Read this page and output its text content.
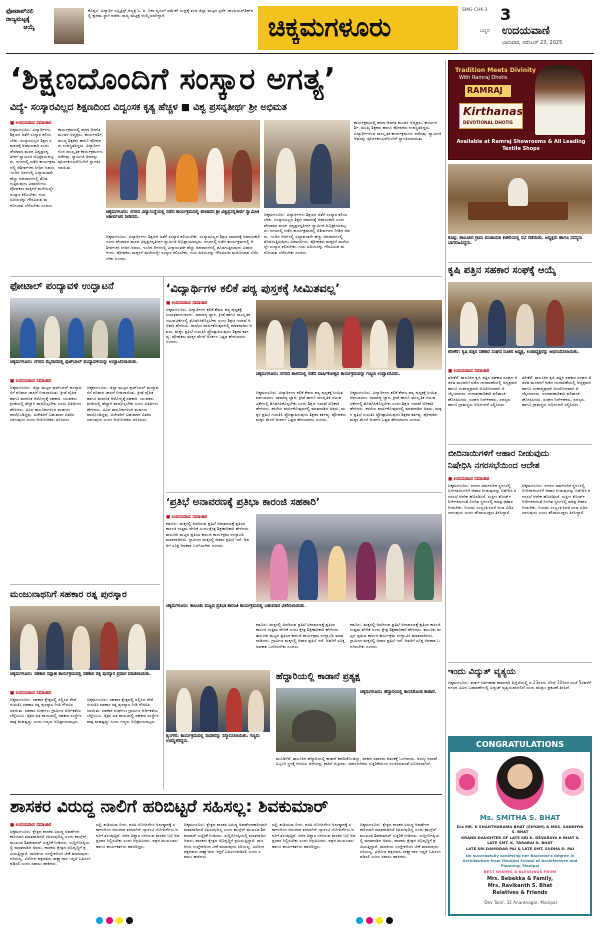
ಫೋಟಾಪ್‌ನಲಿ
ರಾಜ್ಯಮಟ್ಟಕ್ಕೆ
ಆಯ್ಕೆ
ಕೊಪ್ಪಳ: ವಿದ್ಯಾರ್ಥಿ ಎಸ್ಪಿಟ್ರಿಸ್ಟ್ ಅಧ್ಯಕ್ಷ ಓ. ಪಿ. ನಿಶಾ ದೃವಿಲ್ ರಮೇಶ್ ಸಂದ್ರಕ್ಕೆ ತಂಡ ಜಿಲ್ಲಾ ಮಟ್ಟದ ಸ್ಪರ್ಧೆ ಚಾಂಪಿಯನ್‌ಶಿಪ್‌ನಲ್ಲಿ ಪ್ರಥಮ ಸ್ಥಾನ ಪಡೆದು ರಾಜ್ಯ ಮಟ್ಟಕ್ಕೆ ಆಯ್ಕೆಯಾಗಿದ್ದಾರೆ.	ಚಿಕ್ಕಮಗಳೂರು
SMG-CHK-3 3
ಬಣ್ಣದ ಉದಯವಾಣಿ
ಭಾನುವಾರ, ನವೆಂಬರ್ 23, 2025
‘ಶಿಕ್ಷಣದೊಂದಿಗೆ ಸಂಸ್ಕಾರ ಅಗತ್ಯ’
ವಿದ್ಯೆ- ಸಂಸ್ಕಾರವಿಲ್ಲದ ಶಿಕ್ಷಣದಿಂದ ವಿದ್ವಂಸಕ ಕೃತ್ಯ ಹೆಚ್ಚಳ ■ ವಿಶ್ವ ಪ್ರಸನ್ನತೀರ್ಥ ಶ್ರೀ ಅಭಿಮತ
Tradition Meets Divinity
With Ramraj Dhotis
RAMRAJ
Kirthanas
DEVOTIONAL DHOTIS
Available at Ramraj Showrooms & All Leading Textile Shops
■ ಉದಯವಾಣಿ ಸಮಾಚಾರ
ಚಿಕ್ಕಮಗಳೂರು: ವಿದ್ಯಾರ್ಥಿಗಳು ಶಿಕ್ಷಣದ ಜತೆಗೆ ಸಂಸ್ಕಾರ ಕಲಿಯಬೇಕು. ಸಂಸ್ಕಾರವಿಲ್ಲದ ಶಿಕ್ಷಣ ಸಮಾಜಕ್ಕೆ ಅಪಾಯಕಾರಿ ಎಂದು ಪೇಜಾವರ ಮಠದ ವಿಶ್ವಪ್ರಸನ್ನತೀರ್ಥ ಸ್ವಾಮೀಜಿ ಅಭಿಪ್ರಾಯಪಟ್ಟರು. ನಗರದಲ್ಲಿ ನಡೆದ ಕಾರ್ಯಕ್ರಮದಲ್ಲಿ ಆಶೀರ್ವಚನ ನೀಡಿದ ಅವರು, ಇಂದಿನ ದಿನಗಳಲ್ಲಿ ವಿದ್ಯಾವಂತರೇ ಹೆಚ್ಚು ಅಪರಾಧಗಳಲ್ಲಿ ತೊಡಗುತ್ತಿರುವುದು ವಿಷಾದನೀಯ. ಪೋಷಕರು ಮಕ್ಕಳಿಗೆ ಮನೆಯಲ್ಲೇ ಸಂಸ್ಕಾರ ಕಲಿಸಬೇಕು. ಗುರು ಹಿರಿಯರನ್ನು ಗೌರವಿಸುವ ಮನೋಭಾವ ಬೆಳೆಸಬೇಕು ಎಂದರು.
ಕಾರ್ಯಕ್ರಮದಲ್ಲಿ ಶಾಲಾ ಆಡಳಿತ ಮಂಡಳಿ ಅಧ್ಯಕ್ಷರು, ಕಾರ್ಯದರ್ಶಿ, ಮುಖ್ಯ ಶಿಕ್ಷಕರು ಹಾಗೂ ಪೋಷಕರು ಉಪಸ್ಥಿತರಿದ್ದರು. ವಿದ್ಯಾರ್ಥಿಗಳಿಂದ ಸಾಂಸ್ಕೃತಿಕ ಕಾರ್ಯಕ್ರಮಗಳು ನಡೆದವು. ಸ್ವಾಮೀಜಿ ಅವರನ್ನು ಪೂರ್ಣಕುಂಭದೊಂದಿಗೆ ಸ್ವಾಗತಿಸಲಾಯಿತು.
ಚಿಕ್ಕಮಗಳೂರು: ನಗರದ ವಿದ್ಯಾಸಂಸ್ಥೆಯಲ್ಲಿ ನಡೆದ ಕಾರ್ಯಕ್ರಮದಲ್ಲಿ ಪೇಜಾವರ ಶ್ರೀ ವಿಶ್ವಪ್ರಸನ್ನತೀರ್ಥ ಸ್ವಾಮೀಜಿ ಆಶೀರ್ವಚನ ನೀಡಿದರು.
ಚಿಕ್ಕಮಗಳೂರು: ವಿದ್ಯಾರ್ಥಿಗಳು ಶಿಕ್ಷಣದ ಜತೆಗೆ ಸಂಸ್ಕಾರ ಕಲಿಯಬೇಕು. ಸಂಸ್ಕಾರವಿಲ್ಲದ ಶಿಕ್ಷಣ ಸಮಾಜಕ್ಕೆ ಅಪಾಯಕಾರಿ ಎಂದು ಪೇಜಾವರ ಮಠದ ವಿಶ್ವಪ್ರಸನ್ನತೀರ್ಥ ಸ್ವಾಮೀಜಿ ಅಭಿಪ್ರಾಯಪಟ್ಟರು. ನಗರದಲ್ಲಿ ನಡೆದ ಕಾರ್ಯಕ್ರಮದಲ್ಲಿ ಆಶೀರ್ವಚನ ನೀಡಿದ ಅವರು, ಇಂದಿನ ದಿನಗಳಲ್ಲಿ ವಿದ್ಯಾವಂತರೇ ಹೆಚ್ಚು ಅಪರಾಧಗಳಲ್ಲಿ ತೊಡಗುತ್ತಿರುವುದು ವಿಷಾದನೀಯ. ಪೋಷಕರು ಮಕ್ಕಳಿಗೆ ಮನೆಯಲ್ಲೇ ಸಂಸ್ಕಾರ ಕಲಿಸಬೇಕು. ಗುರು ಹಿರಿಯರನ್ನು ಗೌರವಿಸುವ ಮನೋಭಾವ ಬೆಳೆಸಬೇಕು ಎಂದರು.
ಕಾರ್ಯಕ್ರಮದಲ್ಲಿ ಶಾಲಾ ಆಡಳಿತ ಮಂಡಳಿ ಅಧ್ಯಕ್ಷರು, ಕಾರ್ಯದರ್ಶಿ, ಮುಖ್ಯ ಶಿಕ್ಷಕರು ಹಾಗೂ ಪೋಷಕರು ಉಪಸ್ಥಿತರಿದ್ದರು. ವಿದ್ಯಾರ್ಥಿಗಳಿಂದ ಸಾಂಸ್ಕೃತಿಕ ಕಾರ್ಯಕ್ರಮಗಳು ನಡೆದವು. ಸ್ವಾಮೀಜಿ ಅವರನ್ನು ಪೂರ್ಣಕುಂಭದೊಂದಿಗೆ ಸ್ವಾಗತಿಸಲಾಯಿತು.
ಚಿಕ್ಕಮಗಳೂರು: ವಿದ್ಯಾರ್ಥಿಗಳು ಶಿಕ್ಷಣದ ಜತೆಗೆ ಸಂಸ್ಕಾರ ಕಲಿಯಬೇಕು. ಸಂಸ್ಕಾರವಿಲ್ಲದ ಶಿಕ್ಷಣ ಸಮಾಜಕ್ಕೆ ಅಪಾಯಕಾರಿ ಎಂದು ಪೇಜಾವರ ಮಠದ ವಿಶ್ವಪ್ರಸನ್ನತೀರ್ಥ ಸ್ವಾಮೀಜಿ ಅಭಿಪ್ರಾಯಪಟ್ಟರು. ನಗರದಲ್ಲಿ ನಡೆದ ಕಾರ್ಯಕ್ರಮದಲ್ಲಿ ಆಶೀರ್ವಚನ ನೀಡಿದ ಅವರು, ಇಂದಿನ ದಿನಗಳಲ್ಲಿ ವಿದ್ಯಾವಂತರೇ ಹೆಚ್ಚು ಅಪರಾಧಗಳಲ್ಲಿ ತೊಡಗುತ್ತಿರುವುದು ವಿಷಾದನೀಯ. ಪೋಷಕರು ಮಕ್ಕಳಿಗೆ ಮನೆಯಲ್ಲೇ ಸಂಸ್ಕಾರ ಕಲಿಸಬೇಕು. ಗುರು ಹಿರಿಯರನ್ನು ಗೌರವಿಸುವ ಮನೋಭಾವ ಬೆಳೆಸಬೇಕು ಎಂದರು.
ಕೊಪ್ಪ: ತಾಲೂಕಿನ ಗ್ರಾಮ ಪಂಚಾಯಿತಿ ಕಚೇರಿಯಲ್ಲಿ ಸಭೆ ನಡೆಯಿತು. ಅಧ್ಯಕ್ಷರು ಹಾಗೂ ಸದಸ್ಯರು ಭಾಗವಹಿಸಿದ್ದರು.
ಕೃಷಿ ಪತ್ತಿನ ಸಹಕಾರ ಸಂಘಕ್ಕೆ ಆಯ್ಕೆ
ತರೀಕೆರೆ: ಕೃಷಿ ಪತ್ತಿನ ಸಹಕಾರ ಸಂಘದ ನೂತನ ಅಧ್ಯಕ್ಷ, ಉಪಾಧ್ಯಕ್ಷರನ್ನು ಅಭಿನಂದಿಸಲಾಯಿತು.
■ ಉದಯವಾಣಿ ಸಮಾಚಾರ
ತರೀಕೆರೆ: ತಾಲೂಕಿನ ಕೃಷಿ ಪತ್ತಿನ ಸಹಕಾರ ಸಂಘದ ಆಡಳಿತ ಮಂಡಳಿಗೆ ನಡೆದ ಚುನಾವಣೆಯಲ್ಲಿ ಅಧ್ಯಕ್ಷರಾಗಿ ಹಾಗೂ ಉಪಾಧ್ಯಕ್ಷರಾಗಿ ಅವಿರೋಧವಾಗಿ ಆಯ್ಕೆಯಾದರು. ಚುನಾವಣಾಧಿಕಾರಿ ಫಲಿತಾಂಶ ಘೋಷಿಸಿದರು. ಸಂಘದ ನಿರ್ದೇಶಕರು, ಸದಸ್ಯರು ಹಾಗೂ ಗ್ರಾಮಸ್ಥರು ಅಭಿನಂದನೆ ಸಲ್ಲಿಸಿದರು.
ತರೀಕೆರೆ: ತಾಲೂಕಿನ ಕೃಷಿ ಪತ್ತಿನ ಸಹಕಾರ ಸಂಘದ ಆಡಳಿತ ಮಂಡಳಿಗೆ ನಡೆದ ಚುನಾವಣೆಯಲ್ಲಿ ಅಧ್ಯಕ್ಷರಾಗಿ ಹಾಗೂ ಉಪಾಧ್ಯಕ್ಷರಾಗಿ ಅವಿರೋಧವಾಗಿ ಆಯ್ಕೆಯಾದರು. ಚುನಾವಣಾಧಿಕಾರಿ ಫಲಿತಾಂಶ ಘೋಷಿಸಿದರು. ಸಂಘದ ನಿರ್ದೇಶಕರು, ಸದಸ್ಯರು ಹಾಗೂ ಗ್ರಾಮಸ್ಥರು ಅಭಿನಂದನೆ ಸಲ್ಲಿಸಿದರು.
ಫೋಟಾಲ್ ಪಂದ್ಯಾವಳಿ ಉದ್ಘಾಟನೆ
ಚಿಕ್ಕಮಗಳೂರು: ನಗರದ ಮೈದಾನದಲ್ಲಿ ಫುಟ್‌ಬಾಲ್ ಪಂದ್ಯಾವಳಿಯನ್ನು ಉದ್ಘಾಟಿಸಲಾಯಿತು.
■ ಉದಯವಾಣಿ ಸಮಾಚಾರ
ಚಿಕ್ಕಮಗಳೂರು: ಜಿಲ್ಲಾ ಮಟ್ಟದ ಫುಟ್‌ಬಾಲ್ ಪಂದ್ಯಾವಳಿಗೆ ಶನಿವಾರ ಚಾಲನೆ ನೀಡಲಾಯಿತು. ಕ್ರೀಡೆ ದೈಹಿಕ ಹಾಗೂ ಮಾನಸಿಕ ಆರೋಗ್ಯಕ್ಕೆ ಸಹಕಾರಿ. ಯುವಕರು ಕ್ರೀಡೆಯಲ್ಲಿ ಹೆಚ್ಚಾಗಿ ಪಾಲ್ಗೊಳ್ಳಬೇಕು ಎಂದು ಅತಿಥಿಗಳು ಹೇಳಿದರು. ವಿವಿಧ ತಾಲೂಕುಗಳಿಂದ ತಂಡಗಳು ಪಾಲ್ಗೊಂಡಿದ್ದವು. ವಿಜೇತರಿಗೆ ಬಹುಮಾನ ವಿತರಿಸಲಾಗುವುದು ಎಂದು ಆಯೋಜಕರು ತಿಳಿಸಿದರು.
ಚಿಕ್ಕಮಗಳೂರು: ಜಿಲ್ಲಾ ಮಟ್ಟದ ಫುಟ್‌ಬಾಲ್ ಪಂದ್ಯಾವಳಿಗೆ ಶನಿವಾರ ಚಾಲನೆ ನೀಡಲಾಯಿತು. ಕ್ರೀಡೆ ದೈಹಿಕ ಹಾಗೂ ಮಾನಸಿಕ ಆರೋಗ್ಯಕ್ಕೆ ಸಹಕಾರಿ. ಯುವಕರು ಕ್ರೀಡೆಯಲ್ಲಿ ಹೆಚ್ಚಾಗಿ ಪಾಲ್ಗೊಳ್ಳಬೇಕು ಎಂದು ಅತಿಥಿಗಳು ಹೇಳಿದರು. ವಿವಿಧ ತಾಲೂಕುಗಳಿಂದ ತಂಡಗಳು ಪಾಲ್ಗೊಂಡಿದ್ದವು. ವಿಜೇತರಿಗೆ ಬಹುಮಾನ ವಿತರಿಸಲಾಗುವುದು ಎಂದು ಆಯೋಜಕರು ತಿಳಿಸಿದರು.
‘ವಿದ್ಯಾರ್ಥಿಗಳ ಕಲಿಕೆ ಪಠ್ಯ ಪುಸ್ತಕಕ್ಕೆ ಸೀಮಿತವಲ್ಲ’
■ ಉದಯವಾಣಿ ಸಮಾಚಾರ
ಚಿಕ್ಕಮಗಳೂರು: ವಿದ್ಯಾರ್ಥಿಗಳ ಕಲಿಕೆ ಕೇವಲ ಪಠ್ಯ ಪುಸ್ತಕಕ್ಕೆ ಸೀಮಿತವಾಗಬಾರದು. ಸಾಮಾನ್ಯ ಜ್ಞಾನ, ಕ್ರೀಡೆ ಹಾಗೂ ಸಾಂಸ್ಕೃತಿಕ ಚಟುವಟಿಕೆಗಳಲ್ಲಿ ತೊಡಗಿಸಿಕೊಳ್ಳಬೇಕು ಎಂದು ಶಿಕ್ಷಣ ಇಲಾಖೆ ಅಧಿಕಾರಿ ಹೇಳಿದರು. ಶಾಲೆಯ ವಾರ್ಷಿಕೋತ್ಸವದಲ್ಲಿ ಮಾತನಾಡಿದ ಅವರು, ಮಕ್ಕಳ ಪ್ರತಿಭೆ ಗುರುತಿಸಿ ಪ್ರೋತ್ಸಾಹಿಸುವುದು ಶಿಕ್ಷಕರ ಕರ್ತವ್ಯ. ಪೋಷಕರು ಮಕ್ಕಳ ಮೇಲೆ ಅಂಕಗಳ ಒತ್ತಡ ಹೇರಬಾರದು ಎಂದರು.
ಚಿಕ್ಕಮಗಳೂರು: ನಗರದ ಶಾಲೆಯಲ್ಲಿ ನಡೆದ ವಾರ್ಷಿಕೋತ್ಸವ ಕಾರ್ಯಕ್ರಮವನ್ನು ಗಣ್ಯರು ಉದ್ಘಾಟಿಸಿದರು.
ಚಿಕ್ಕಮಗಳೂರು: ವಿದ್ಯಾರ್ಥಿಗಳ ಕಲಿಕೆ ಕೇವಲ ಪಠ್ಯ ಪುಸ್ತಕಕ್ಕೆ ಸೀಮಿತವಾಗಬಾರದು. ಸಾಮಾನ್ಯ ಜ್ಞಾನ, ಕ್ರೀಡೆ ಹಾಗೂ ಸಾಂಸ್ಕೃತಿಕ ಚಟುವಟಿಕೆಗಳಲ್ಲಿ ತೊಡಗಿಸಿಕೊಳ್ಳಬೇಕು ಎಂದು ಶಿಕ್ಷಣ ಇಲಾಖೆ ಅಧಿಕಾರಿ ಹೇಳಿದರು. ಶಾಲೆಯ ವಾರ್ಷಿಕೋತ್ಸವದಲ್ಲಿ ಮಾತನಾಡಿದ ಅವರು, ಮಕ್ಕಳ ಪ್ರತಿಭೆ ಗುರುತಿಸಿ ಪ್ರೋತ್ಸಾಹಿಸುವುದು ಶಿಕ್ಷಕರ ಕರ್ತವ್ಯ. ಪೋಷಕರು ಮಕ್ಕಳ ಮೇಲೆ ಅಂಕಗಳ ಒತ್ತಡ ಹೇರಬಾರದು ಎಂದರು.
ಚಿಕ್ಕಮಗಳೂರು: ವಿದ್ಯಾರ್ಥಿಗಳ ಕಲಿಕೆ ಕೇವಲ ಪಠ್ಯ ಪುಸ್ತಕಕ್ಕೆ ಸೀಮಿತವಾಗಬಾರದು. ಸಾಮಾನ್ಯ ಜ್ಞಾನ, ಕ್ರೀಡೆ ಹಾಗೂ ಸಾಂಸ್ಕೃತಿಕ ಚಟುವಟಿಕೆಗಳಲ್ಲಿ ತೊಡಗಿಸಿಕೊಳ್ಳಬೇಕು ಎಂದು ಶಿಕ್ಷಣ ಇಲಾಖೆ ಅಧಿಕಾರಿ ಹೇಳಿದರು. ಶಾಲೆಯ ವಾರ್ಷಿಕೋತ್ಸವದಲ್ಲಿ ಮಾತನಾಡಿದ ಅವರು, ಮಕ್ಕಳ ಪ್ರತಿಭೆ ಗುರುತಿಸಿ ಪ್ರೋತ್ಸಾಹಿಸುವುದು ಶಿಕ್ಷಕರ ಕರ್ತವ್ಯ. ಪೋಷಕರು ಮಕ್ಕಳ ಮೇಲೆ ಅಂಕಗಳ ಒತ್ತಡ ಹೇರಬಾರದು ಎಂದರು.
‘ಪ್ರತಿಭೆ ಅನಾವರಣಕ್ಕೆ ಪ್ರತಿಭಾ ಕಾರಂಜಿ ಸಹಕಾರಿ’
■ ಉದಯವಾಣಿ ಸಮಾಚಾರ
ಕಡೂರು: ಮಕ್ಕಳಲ್ಲಿ ಅಡಗಿರುವ ಪ್ರತಿಭೆ ಅನಾವರಣಕ್ಕೆ ಪ್ರತಿಭಾ ಕಾರಂಜಿ ಉತ್ತಮ ವೇದಿಕೆ ಎಂದು ಕ್ಷೇತ್ರ ಶಿಕ್ಷಣಾಧಿಕಾರಿ ಹೇಳಿದರು. ತಾಲೂಕು ಮಟ್ಟದ ಪ್ರತಿಭಾ ಕಾರಂಜಿ ಕಾರ್ಯಕ್ರಮ ಉದ್ಘಾಟಿಸಿ ಮಾತನಾಡಿದರು. ಗ್ರಾಮೀಣ ಮಕ್ಕಳಲ್ಲಿ ಅಪಾರ ಪ್ರತಿಭೆ ಇದೆ. ಅವರಿಗೆ ಸೂಕ್ತ ಅವಕಾಶ ಒದಗಿಸಬೇಕು ಎಂದರು.
ಚಿಕ್ಕಮಗಳೂರು: ತಾಲೂಕು ಮಟ್ಟದ ಪ್ರತಿಭಾ ಕಾರಂಜಿ ಕಾರ್ಯಕ್ರಮದಲ್ಲಿ ಬಹುಮಾನ ವಿತರಿಸಲಾಯಿತು.
ಕಡೂರು: ಮಕ್ಕಳಲ್ಲಿ ಅಡಗಿರುವ ಪ್ರತಿಭೆ ಅನಾವರಣಕ್ಕೆ ಪ್ರತಿಭಾ ಕಾರಂಜಿ ಉತ್ತಮ ವೇದಿಕೆ ಎಂದು ಕ್ಷೇತ್ರ ಶಿಕ್ಷಣಾಧಿಕಾರಿ ಹೇಳಿದರು. ತಾಲೂಕು ಮಟ್ಟದ ಪ್ರತಿಭಾ ಕಾರಂಜಿ ಕಾರ್ಯಕ್ರಮ ಉದ್ಘಾಟಿಸಿ ಮಾತನಾಡಿದರು. ಗ್ರಾಮೀಣ ಮಕ್ಕಳಲ್ಲಿ ಅಪಾರ ಪ್ರತಿಭೆ ಇದೆ. ಅವರಿಗೆ ಸೂಕ್ತ ಅವಕಾಶ ಒದಗಿಸಬೇಕು ಎಂದರು.
ಕಡೂರು: ಮಕ್ಕಳಲ್ಲಿ ಅಡಗಿರುವ ಪ್ರತಿಭೆ ಅನಾವರಣಕ್ಕೆ ಪ್ರತಿಭಾ ಕಾರಂಜಿ ಉತ್ತಮ ವೇದಿಕೆ ಎಂದು ಕ್ಷೇತ್ರ ಶಿಕ್ಷಣಾಧಿಕಾರಿ ಹೇಳಿದರು. ತಾಲೂಕು ಮಟ್ಟದ ಪ್ರತಿಭಾ ಕಾರಂಜಿ ಕಾರ್ಯಕ್ರಮ ಉದ್ಘಾಟಿಸಿ ಮಾತನಾಡಿದರು. ಗ್ರಾಮೀಣ ಮಕ್ಕಳಲ್ಲಿ ಅಪಾರ ಪ್ರತಿಭೆ ಇದೆ. ಅವರಿಗೆ ಸೂಕ್ತ ಅವಕಾಶ ಒದಗಿಸಬೇಕು ಎಂದರು.
ಮಂಜುನಾಥನಿಗೆ ಸಹಕಾರ ರತ್ನ ಪುರಸ್ಕಾರ
ಚಿಕ್ಕಮಗಳೂರು: ಸಹಕಾರ ಸಪ್ತಾಹ ಕಾರ್ಯಕ್ರಮದಲ್ಲಿ ಸಹಕಾರ ರತ್ನ ಪುರಸ್ಕಾರ ಪ್ರದಾನ ಮಾಡಲಾಯಿತು.
■ ಉದಯವಾಣಿ ಸಮಾಚಾರ
ಚಿಕ್ಕಮಗಳೂರು: ಸಹಕಾರ ಕ್ಷೇತ್ರದಲ್ಲಿ ಸಲ್ಲಿಸಿದ ಸೇವೆ ಗುರುತಿಸಿ ಸಹಕಾರ ರತ್ನ ಪುರಸ್ಕಾರ ನೀಡಿ ಗೌರವಿಸಲಾಯಿತು. ಸಹಕಾರ ಸಂಘಗಳು ಗ್ರಾಮೀಣ ಆರ್ಥಿಕತೆಯ ಬೆನ್ನೆಲುಬು. ರೈತರ ಹಿತ ಕಾಯುವಲ್ಲಿ ಸಹಕಾರ ಸಂಸ್ಥೆಗಳ ಪಾತ್ರ ಮಹತ್ವದ್ದು ಎಂದು ಗಣ್ಯರು ಅಭಿಪ್ರಾಯಪಟ್ಟರು.
ಚಿಕ್ಕಮಗಳೂರು: ಸಹಕಾರ ಕ್ಷೇತ್ರದಲ್ಲಿ ಸಲ್ಲಿಸಿದ ಸೇವೆ ಗುರುತಿಸಿ ಸಹಕಾರ ರತ್ನ ಪುರಸ್ಕಾರ ನೀಡಿ ಗೌರವಿಸಲಾಯಿತು. ಸಹಕಾರ ಸಂಘಗಳು ಗ್ರಾಮೀಣ ಆರ್ಥಿಕತೆಯ ಬೆನ್ನೆಲುಬು. ರೈತರ ಹಿತ ಕಾಯುವಲ್ಲಿ ಸಹಕಾರ ಸಂಸ್ಥೆಗಳ ಪಾತ್ರ ಮಹತ್ವದ್ದು ಎಂದು ಗಣ್ಯರು ಅಭಿಪ್ರಾಯಪಟ್ಟರು.
ಶೃಂಗೇರಿ: ಕಾರ್ಯಕ್ರಮದಲ್ಲಿ ಸಾಧಕರನ್ನು ಸನ್ಮಾನಿಸಲಾಯಿತು. ಗಣ್ಯರು ಉಪಸ್ಥಿತರಿದ್ದರು.
ಹೆದ್ದಾರಿಯಲ್ಲಿ ಕಾಡಾನೆ ಪ್ರತ್ಯಕ್ಷ
ಚಿಕ್ಕಮಗಳೂರು: ಹೆದ್ದಾರಿಯಲ್ಲಿ ಕಾಣಿಸಿಕೊಂಡ ಕಾಡಾನೆ.
ಮೂಡಿಗೆರೆ: ತಾಲೂಕಿನ ಹೆದ್ದಾರಿಯಲ್ಲಿ ಕಾಡಾನೆ ಕಾಣಿಸಿಕೊಂಡಿದ್ದು, ವಾಹನ ಸವಾರರು ಆತಂಕಕ್ಕೆ ಒಳಗಾದರು. ಅರಣ್ಯ ಇಲಾಖೆ ಸಿಬ್ಬಂದಿ ಸ್ಥಳಕ್ಕೆ ಆಗಮಿಸಿ ಆನೆಯನ್ನು ಕಾಡಿಗೆ ಅಟ್ಟಿದರು. ಸಾರ್ವಜನಿಕರು ಎಚ್ಚರಿಕೆಯಿಂದ ಸಂಚರಿಸುವಂತೆ ಸೂಚಿಸಲಾಗಿದೆ.
ಬೀದಿನಾಯಿಗಳಿಗೆ ಆಹಾರ ನೀಡುವುದು
ನಿಷೇಧಿಸಿ ನಗರಸಭೆಯಿಂದ ಆದೇಶ
■ ಉದಯವಾಣಿ ಸಮಾಚಾರ
ಚಿಕ್ಕಮಗಳೂರು: ನಗರದ ಸಾರ್ವಜನಿಕ ಸ್ಥಳಗಳಲ್ಲಿ ಬೀದಿನಾಯಿಗಳಿಗೆ ಆಹಾರ ನೀಡುವುದನ್ನು ನಿಷೇಧಿಸಿ ನಗರಸಭೆ ಆದೇಶ ಹೊರಡಿಸಿದೆ. ಸುಪ್ರೀಂ ಕೋರ್ಟ್ ನಿರ್ದೇಶನದಂತೆ ನಿಗದಿತ ಸ್ಥಳಗಳಲ್ಲಿ ಮಾತ್ರ ಆಹಾರ ನೀಡಬೇಕು. ನಿಯಮ ಉಲ್ಲಂಘಿಸಿದರೆ ದಂಡ ವಿಧಿಸಲಾಗುವುದು ಎಂದು ಪೌರಾಯುಕ್ತರು ತಿಳಿಸಿದ್ದಾರೆ.
ಚಿಕ್ಕಮಗಳೂರು: ನಗರದ ಸಾರ್ವಜನಿಕ ಸ್ಥಳಗಳಲ್ಲಿ ಬೀದಿನಾಯಿಗಳಿಗೆ ಆಹಾರ ನೀಡುವುದನ್ನು ನಿಷೇಧಿಸಿ ನಗರಸಭೆ ಆದೇಶ ಹೊರಡಿಸಿದೆ. ಸುಪ್ರೀಂ ಕೋರ್ಟ್ ನಿರ್ದೇಶನದಂತೆ ನಿಗದಿತ ಸ್ಥಳಗಳಲ್ಲಿ ಮಾತ್ರ ಆಹಾರ ನೀಡಬೇಕು. ನಿಯಮ ಉಲ್ಲಂಘಿಸಿದರೆ ದಂಡ ವಿಧಿಸಲಾಗುವುದು ಎಂದು ಪೌರಾಯುಕ್ತರು ತಿಳಿಸಿದ್ದಾರೆ.
ಇಂದು ವಿದ್ಯುತ್ ವ್ಯತ್ಯಯ
ಚಿಕ್ಕಮಗಳೂರು: ತುರ್ತು ನಿರ್ವಹಣಾ ಕಾಮಗಾರಿ ಹಿನ್ನೆಲೆಯಲ್ಲಿ ನ.23ರಂದು ಬೆಳಗ್ಗೆ 10ರಿಂದ ಸಂಜೆ 5ರವರೆಗೆ ನಗರದ ವಿವಿಧ ಬಡಾವಣೆಗಳಲ್ಲಿ ವಿದ್ಯುತ್ ವ್ಯತ್ಯಯವಾಗಲಿದೆ ಎಂದು ಮೆಸ್ಕಾಂ ಪ್ರಕಟಣೆ ತಿಳಿಸಿದೆ.
CONGRATULATIONS
Ms. SMITHA S. BHAT
D/o MR. K SHANTHARAMA BHAT (SHYAM) & MRS. SANDHYA S. BHAT
GRAND DAUGHTER OF LATE SRI K. DEVARAYA K BHAT & LATE SMT. K. TARABAI D. BHAT
LATE SRI DAMODAR PAI & LATE SMT. SUDHA D. PAI
On successfully achieving her Bachelor's degree in Architecture from Manipal School of Architecture and Planning, Manipal
BEST WISHES & BLESSINGS FROM
Mrs. Bebekka & Family,
Mrs. Ravikanth S. Bhat
Relatives & Friends
'Dev Tara', 32 Anantnagar, Manipal
ಶಾಸಕರ ವಿರುದ್ಧ ನಾಲಿಗೆ ಹರಿಬಿಟ್ಟರೆ ಸಹಿಸಲ್ಲ: ಶಿವಕುಮಾರ್
■ ಉದಯವಾಣಿ ಸಮಾಚಾರ
ಚಿಕ್ಕಮಗಳೂರು: ಕ್ಷೇತ್ರದ ಶಾಸಕರ ವಿರುದ್ಧ ಅವಹೇಳನಕಾರಿಯಾಗಿ ಮಾತನಾಡಿದರೆ ಸಹಿಸುವುದಿಲ್ಲ ಎಂದು ಕಾಂಗ್ರೆಸ್ ಮುಖಂಡ ಶಿವಕುಮಾರ್ ಎಚ್ಚರಿಕೆ ನೀಡಿದರು. ಸುದ್ದಿಗೋಷ್ಠಿಯಲ್ಲಿ ಮಾತನಾಡಿದ ಅವರು, ಶಾಸಕರು ಕ್ಷೇತ್ರದ ಅಭಿವೃದ್ಧಿಗೆ ಶ್ರಮಿಸುತ್ತಿದ್ದಾರೆ. ರಾಜಕೀಯ ಉದ್ದೇಶದಿಂದ ಟೀಕೆ ಮಾಡುವುದು ಸರಿಯಲ್ಲ. ವಿರೋಧ ಪಕ್ಷದವರು ಸಾಕ್ಷ್ಯಾಧಾರ ಇದ್ದರೆ ಬಹಿರಂಗಪಡಿಸಲಿ ಎಂದು ಸವಾಲು ಹಾಕಿದರು.
ರಸ್ತೆ, ಕುಡಿಯುವ ನೀರು, ವಸತಿ ಯೋಜನೆಗಳ ಅನುಷ್ಠಾನಕ್ಕೆ ಸರ್ಕಾರದಿಂದ ಅನುದಾನ ತರಲಾಗಿದೆ. ಗ್ಯಾರಂಟಿ ಯೋಜನೆಗಳು ಜನರಿಗೆ ತಲುಪುತ್ತಿವೆ. ಜನರ ವಿಶ್ವಾಸ ಗಳಿಸಿರುವ ಶಾಸಕರ ಬಗ್ಗೆ ಅಪಪ್ರಚಾರ ನಿಲ್ಲಿಸಬೇಕು ಎಂದು ಆಗ್ರಹಿಸಿದರು. ಪಕ್ಷದ ಮುಖಂಡರು ಹಾಗೂ ಕಾರ್ಯಕರ್ತರು ಹಾಜರಿದ್ದರು.
ಚಿಕ್ಕಮಗಳೂರು: ಕ್ಷೇತ್ರದ ಶಾಸಕರ ವಿರುದ್ಧ ಅವಹೇಳನಕಾರಿಯಾಗಿ ಮಾತನಾಡಿದರೆ ಸಹಿಸುವುದಿಲ್ಲ ಎಂದು ಕಾಂಗ್ರೆಸ್ ಮುಖಂಡ ಶಿವಕುಮಾರ್ ಎಚ್ಚರಿಕೆ ನೀಡಿದರು. ಸುದ್ದಿಗೋಷ್ಠಿಯಲ್ಲಿ ಮಾತನಾಡಿದ ಅವರು, ಶಾಸಕರು ಕ್ಷೇತ್ರದ ಅಭಿವೃದ್ಧಿಗೆ ಶ್ರಮಿಸುತ್ತಿದ್ದಾರೆ. ರಾಜಕೀಯ ಉದ್ದೇಶದಿಂದ ಟೀಕೆ ಮಾಡುವುದು ಸರಿಯಲ್ಲ. ವಿರೋಧ ಪಕ್ಷದವರು ಸಾಕ್ಷ್ಯಾಧಾರ ಇದ್ದರೆ ಬಹಿರಂಗಪಡಿಸಲಿ ಎಂದು ಸವಾಲು ಹಾಕಿದರು.
ರಸ್ತೆ, ಕುಡಿಯುವ ನೀರು, ವಸತಿ ಯೋಜನೆಗಳ ಅನುಷ್ಠಾನಕ್ಕೆ ಸರ್ಕಾರದಿಂದ ಅನುದಾನ ತರಲಾಗಿದೆ. ಗ್ಯಾರಂಟಿ ಯೋಜನೆಗಳು ಜನರಿಗೆ ತಲುಪುತ್ತಿವೆ. ಜನರ ವಿಶ್ವಾಸ ಗಳಿಸಿರುವ ಶಾಸಕರ ಬಗ್ಗೆ ಅಪಪ್ರಚಾರ ನಿಲ್ಲಿಸಬೇಕು ಎಂದು ಆಗ್ರಹಿಸಿದರು. ಪಕ್ಷದ ಮುಖಂಡರು ಹಾಗೂ ಕಾರ್ಯಕರ್ತರು ಹಾಜರಿದ್ದರು.
ಚಿಕ್ಕಮಗಳೂರು: ಕ್ಷೇತ್ರದ ಶಾಸಕರ ವಿರುದ್ಧ ಅವಹೇಳನಕಾರಿಯಾಗಿ ಮಾತನಾಡಿದರೆ ಸಹಿಸುವುದಿಲ್ಲ ಎಂದು ಕಾಂಗ್ರೆಸ್ ಮುಖಂಡ ಶಿವಕುಮಾರ್ ಎಚ್ಚರಿಕೆ ನೀಡಿದರು. ಸುದ್ದಿಗೋಷ್ಠಿಯಲ್ಲಿ ಮಾತನಾಡಿದ ಅವರು, ಶಾಸಕರು ಕ್ಷೇತ್ರದ ಅಭಿವೃದ್ಧಿಗೆ ಶ್ರಮಿಸುತ್ತಿದ್ದಾರೆ. ರಾಜಕೀಯ ಉದ್ದೇಶದಿಂದ ಟೀಕೆ ಮಾಡುವುದು ಸರಿಯಲ್ಲ. ವಿರೋಧ ಪಕ್ಷದವರು ಸಾಕ್ಷ್ಯಾಧಾರ ಇದ್ದರೆ ಬಹಿರಂಗಪಡಿಸಲಿ ಎಂದು ಸವಾಲು ಹಾಕಿದರು.
